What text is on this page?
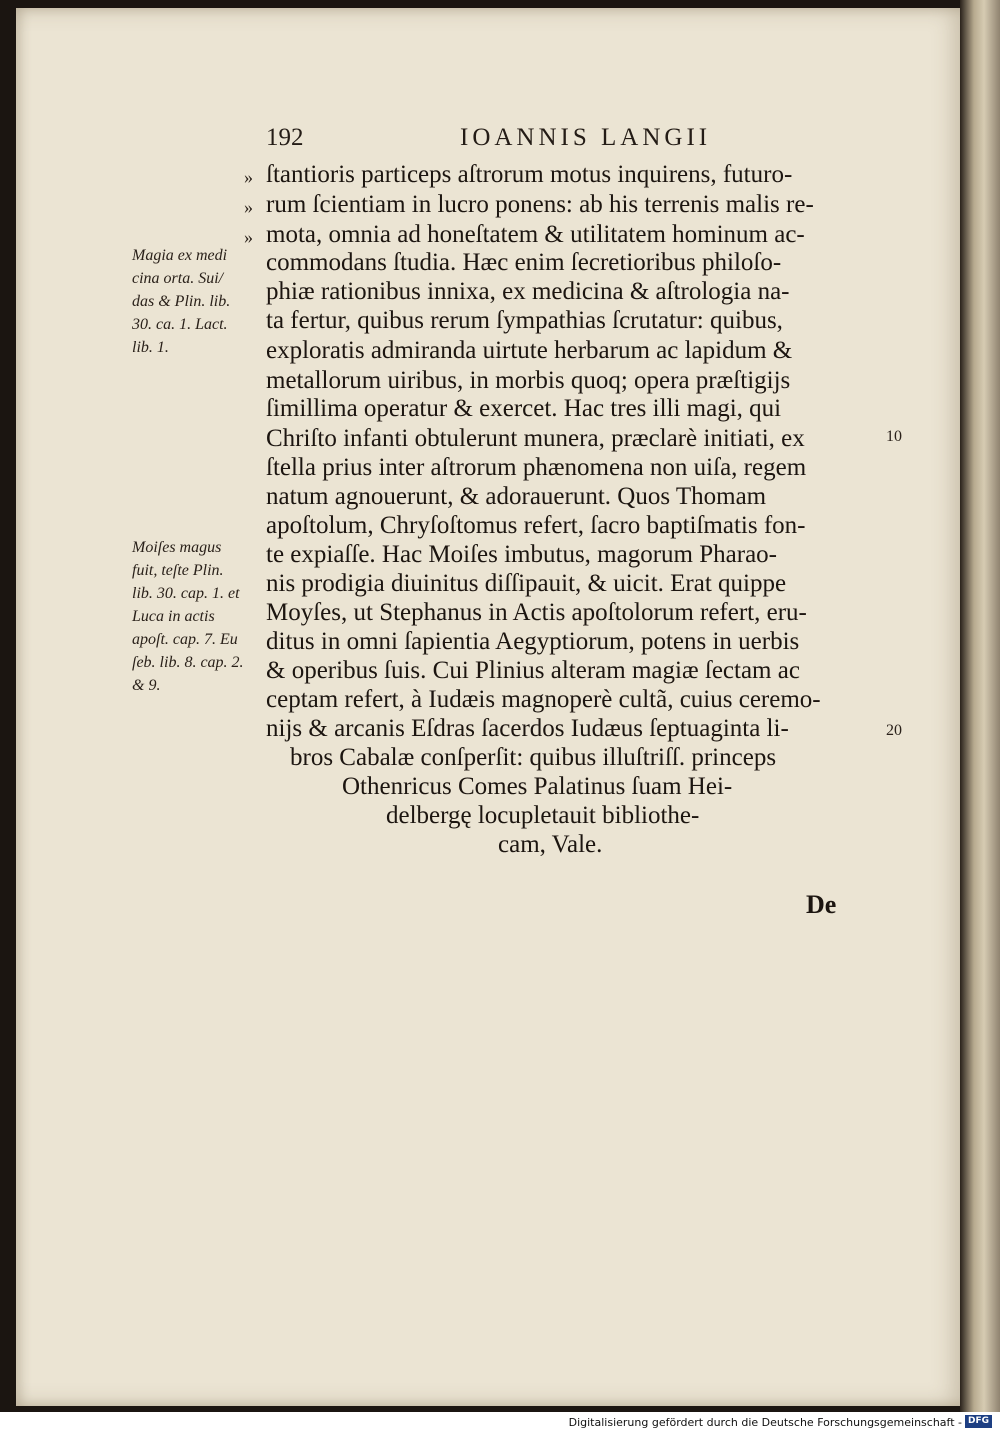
192	IOANNIS LANGII
»
»
»
ſtantioris particeps aſtrorum motus inquirens, futuro-
rum ſcientiam in lucro ponens: ab his terrenis malis re-
mota, omnia ad honeſtatem & utilitatem hominum ac-
commodans ſtudia. Hæc enim ſecretioribus philoſo-
phiæ rationibus innixa, ex medicina & aſtrologia na-
ta fertur, quibus rerum ſympathias ſcrutatur: quibus,
exploratis admiranda uirtute herbarum ac lapidum &
metallorum uiribus, in morbis quoq; opera præſtigijs
ſimillima operatur & exercet. Hac tres illi magi, qui
Chriſto infanti obtulerunt munera, præclarè initiati, ex
ſtella prius inter aſtrorum phænomena non uiſa, regem
natum agnouerunt, & adorauerunt. Quos Thomam
apoſtolum, Chryſoſtomus refert, ſacro baptiſmatis fon-
te expiaſſe. Hac Moiſes imbutus, magorum Pharao-
nis prodigia diuinitus diſſipauit, & uicit. Erat quippe
Moyſes, ut Stephanus in Actis apoſtolorum refert, eru-
ditus in omni ſapientia Aegyptiorum, potens in uerbis
& operibus ſuis. Cui Plinius alteram magiæ ſectam ac
ceptam refert, à Iudæis magnoperè cultã, cuius ceremo-
nijs & arcanis Eſdras ſacerdos Iudæus ſeptuaginta li-
bros Cabalæ conſperſit: quibus illuſtriſſ. princeps
Othenricus Comes Palatinus ſuam Hei-
delbergę locupletauit bibliothe-
cam, Vale.
Magia ex medi
cina orta. Sui/
das & Plin. lib.
30. ca. 1. Lact.
lib. 1.
Moiſes magus
fuit, teſte Plin.
lib. 30. cap. 1. et
Luca in actis
apoſt. cap. 7. Eu
ſeb. lib. 8. cap. 2.
& 9.
10
20
De
Digitalisierung gefördert durch die Deutsche Forschungsgemeinschaft - DFG
